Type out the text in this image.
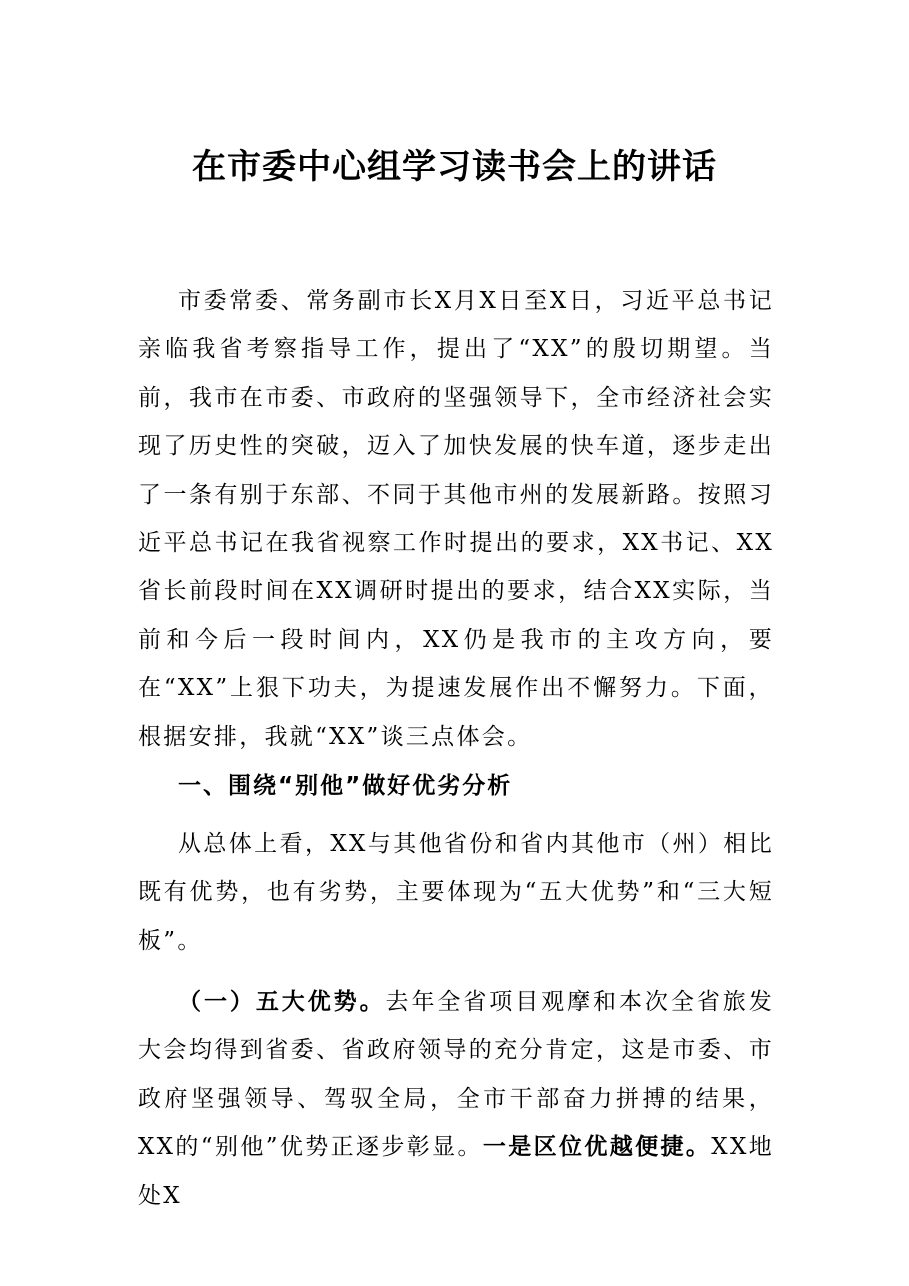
在市委中心组学习读书会上的讲话
市委常委、常务副市长X月X日至X日，习近平总书记亲临我省考察指导工作，提出了“XX”的殷切期望。当前，我市在市委、市政府的坚强领导下，全市经济社会实现了历史性的突破，迈入了加快发展的快车道，逐步走出了一条有别于东部、不同于其他市州的发展新路。按照习近平总书记在我省视察工作时提出的要求，XX书记、XX省长前段时间在XX调研时提出的要求，结合XX实际，当前和今后一段时间内，XX仍是我市的主攻方向，要在“XX”上狠下功夫，为提速发展作出不懈努力。下面，根据安排，我就“XX”谈三点体会。
一、围绕“别他”做好优劣分析
从总体上看，XX与其他省份和省内其他市（州）相比既有优势，也有劣势，主要体现为“五大优势”和“三大短板”。
（一）五大优势。去年全省项目观摩和本次全省旅发大会均得到省委、省政府领导的充分肯定，这是市委、市政府坚强领导、驾驭全局，全市干部奋力拼搏的结果，XX的“别他”优势正逐步彰显。一是区位优越便捷。XX地处X
